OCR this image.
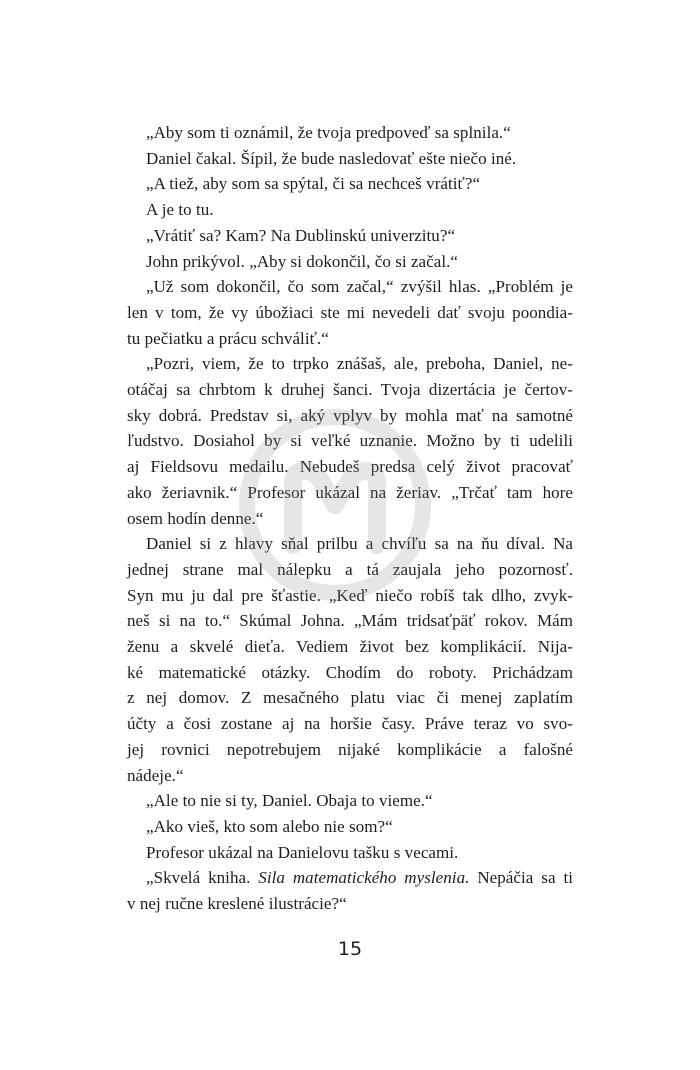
„Aby som ti oznámil, že tvoja predpoveď sa splnila.“

Daniel čakal. Šípil, že bude nasledovať ešte niečo iné.

„A tiež, aby som sa spýtal, či sa nechceš vrátiť?“

A je to tu.

„Vrátiť sa? Kam? Na Dublinskú univerzitu?“

John prikývol. „Aby si dokončil, čo si začal.“

„Už som dokončil, čo som začal,“ zvýšil hlas. „Problém je
len v tom, že vy úbožiaci ste mi nevedeli dať svoju poondia-
tu pečiatku a prácu schváliť.“
„Pozri, viem, že to trpko znášaš, ale, preboha, Daniel, ne-
otáčaj sa chrbtom k druhej šanci. Tvoja dizertácia je čertov-
sky dobrá. Predstav si, aký vplyv by mohla mať na samotné
ľudstvo. Dosiahol by si veľké uznanie. Možno by ti udelili
aj Fieldsovu medailu. Nebudeš predsa celý život pracovať
ako žeriavnik.“ Profesor ukázal na žeriav. „Trčať tam hore
osem hodín denne.“
Daniel si z hlavy sňal prilbu a chvíľu sa na ňu díval. Na
jednej strane mal nálepku a tá zaujala jeho pozornosť.
Syn mu ju dal pre šťastie. „Keď niečo robíš tak dlho, zvyk-
neš si na to.“ Skúmal Johna. „Mám tridsaťpäť rokov. Mám
ženu a skvelé dieťa. Vediem život bez komplikácií. Nija-
ké matematické otázky. Chodím do roboty. Prichádzam
z nej domov. Z mesačného platu viac či menej zaplatím
účty a čosi zostane aj na horšie časy. Práve teraz vo svo-
jej rovnici nepotrebujem nijaké komplikácie a falošné
nádeje.“

„Ale to nie si ty, Daniel. Obaja to vieme.“

„Ako vieš, kto som alebo nie som?“

Profesor ukázal na Danielovu tašku s vecami.

„Skvelá kniha. Sila matematického myslenia. Nepáčia sa ti
v nej ručne kreslené ilustrácie?“
15
